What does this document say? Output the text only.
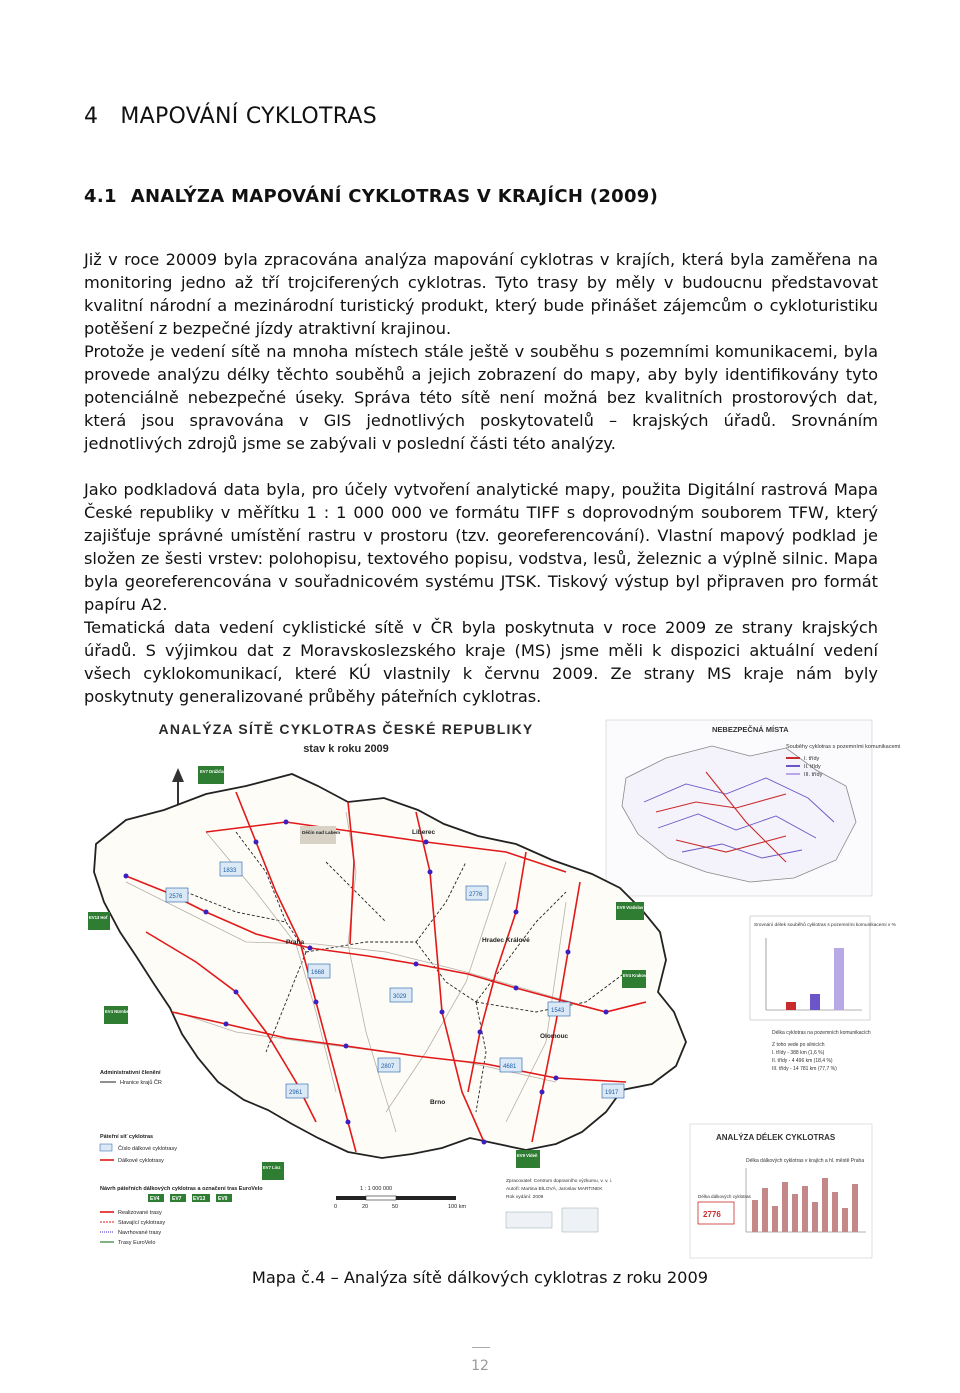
4 MAPOVÁNÍ CYKLOTRAS
4.1 ANALÝZA MAPOVÁNÍ CYKLOTRAS V KRAJÍCH (2009)

Již v roce 20009 byla zpracována analýza mapování cyklotras v krajích, která byla zaměřena na monitoring jedno až tří trojciferených cyklotras. Tyto trasy by měly v budoucnu představovat kvalitní národní a mezinárodní turistický produkt, který bude přinášet zájemcům o cykloturistiku potěšení z bezpečné jízdy atraktivní krajinou.

Protože je vedení sítě na mnoha místech stále ještě v souběhu s pozemními komunikacemi, byla provede analýzu délky těchto souběhů a jejich zobrazení do mapy, aby byly identifikovány tyto potenciálně nebezpečné úseky. Správa této sítě není možná bez kvalitních prostorových dat, která jsou spravována v GIS jednotlivých poskytovatelů – krajských úřadů. Srovnáním jednotlivých zdrojů jsme se zabývali v poslední části této analýzy.

Jako podkladová data byla, pro účely vytvoření analytické mapy, použita Digitální rastrová Mapa České republiky v měřítku 1 : 1 000 000 ve formátu TIFF s doprovodným souborem TFW, který zajišťuje správné umístění rastru v prostoru (tzv. georeferencování). Vlastní mapový podklad je složen ze šesti vrstev: polohopisu, textového popisu, vodstva, lesů, železnic a výplně silnic. Mapa byla georeferencována v souřadnicovém systému JTSK. Tiskový výstup byl připraven pro formát papíru A2.

Tematická data vedení cyklistické sítě v ČR byla poskytnuta v roce 2009 ze strany krajských úřadů. S výjimkou dat z Moravskoslezského kraje (MS) jsme měli k dispozici aktuální vedení všech cyklokomunikací, které KÚ vlastnily k červnu 2009. Ze strany MS kraje nám byly poskytnuty generalizované průběhy páteřních cyklotras.

ANALÝZA SÍTĚ CYKLOTRAS ČESKÉ REPUBLIKY
stav k roku 2009
NEBEZPEČNÁ MÍSTA
Souběhy cyklotras s pozemními komunikacemi
I. třídy
II. třídy
III. třídy
EV7 Drážďany
EV13 Hof
EV4 Nürnberg
EV7 Linz
EV9 Vídeň
EV4 Krakov
EV9 Vratislav
2576
1833
2776
1668
3029
2961	1917
4681
1543
2807
Děčín nad Labem	Liberec
Praha	Hradec Králové
Olomouc
Brno
Srovnání délek souběhů cyklotras s pozemními komunikacemi v %
Délka cyklotras na pozemních komunikacích
Z toho vede po silnicích
I. třídy - 388 km (1,6 %)
II. třídy - 4 496 km (18,4 %)
III. třídy - 14 781 km (77,7 %)
Administrativní členění
Hranice krajů ČR
Páteřní síť cyklotras
Číslo dálkové cyklotrasy
Dálkové cyklotrasy
Návrh páteřních dálkových cyklotras a označení tras EuroVelo
EV4	EV7 EV13	EV9
Realizované trasy
Stavající cyklotrasy
Navrhované trasy
Trasy EuroVelo
1 : 1 000 000
0	20	50	100 km
Zpracovatel: Centrum dopravního výzkumu, v. v. i.
Autoři: Martina BÍLOVÁ, Jaroslav MARTINEK
Rok vydání: 2009
ANALÝZA DÉLEK CYKLOTRAS
Délka dálkových cyklotras v krajích a hl. městě Praha
2776
Délka dálkových cyklotras
Mapa č.4 – Analýza sítě dálkových cyklotras z roku 2009
12
